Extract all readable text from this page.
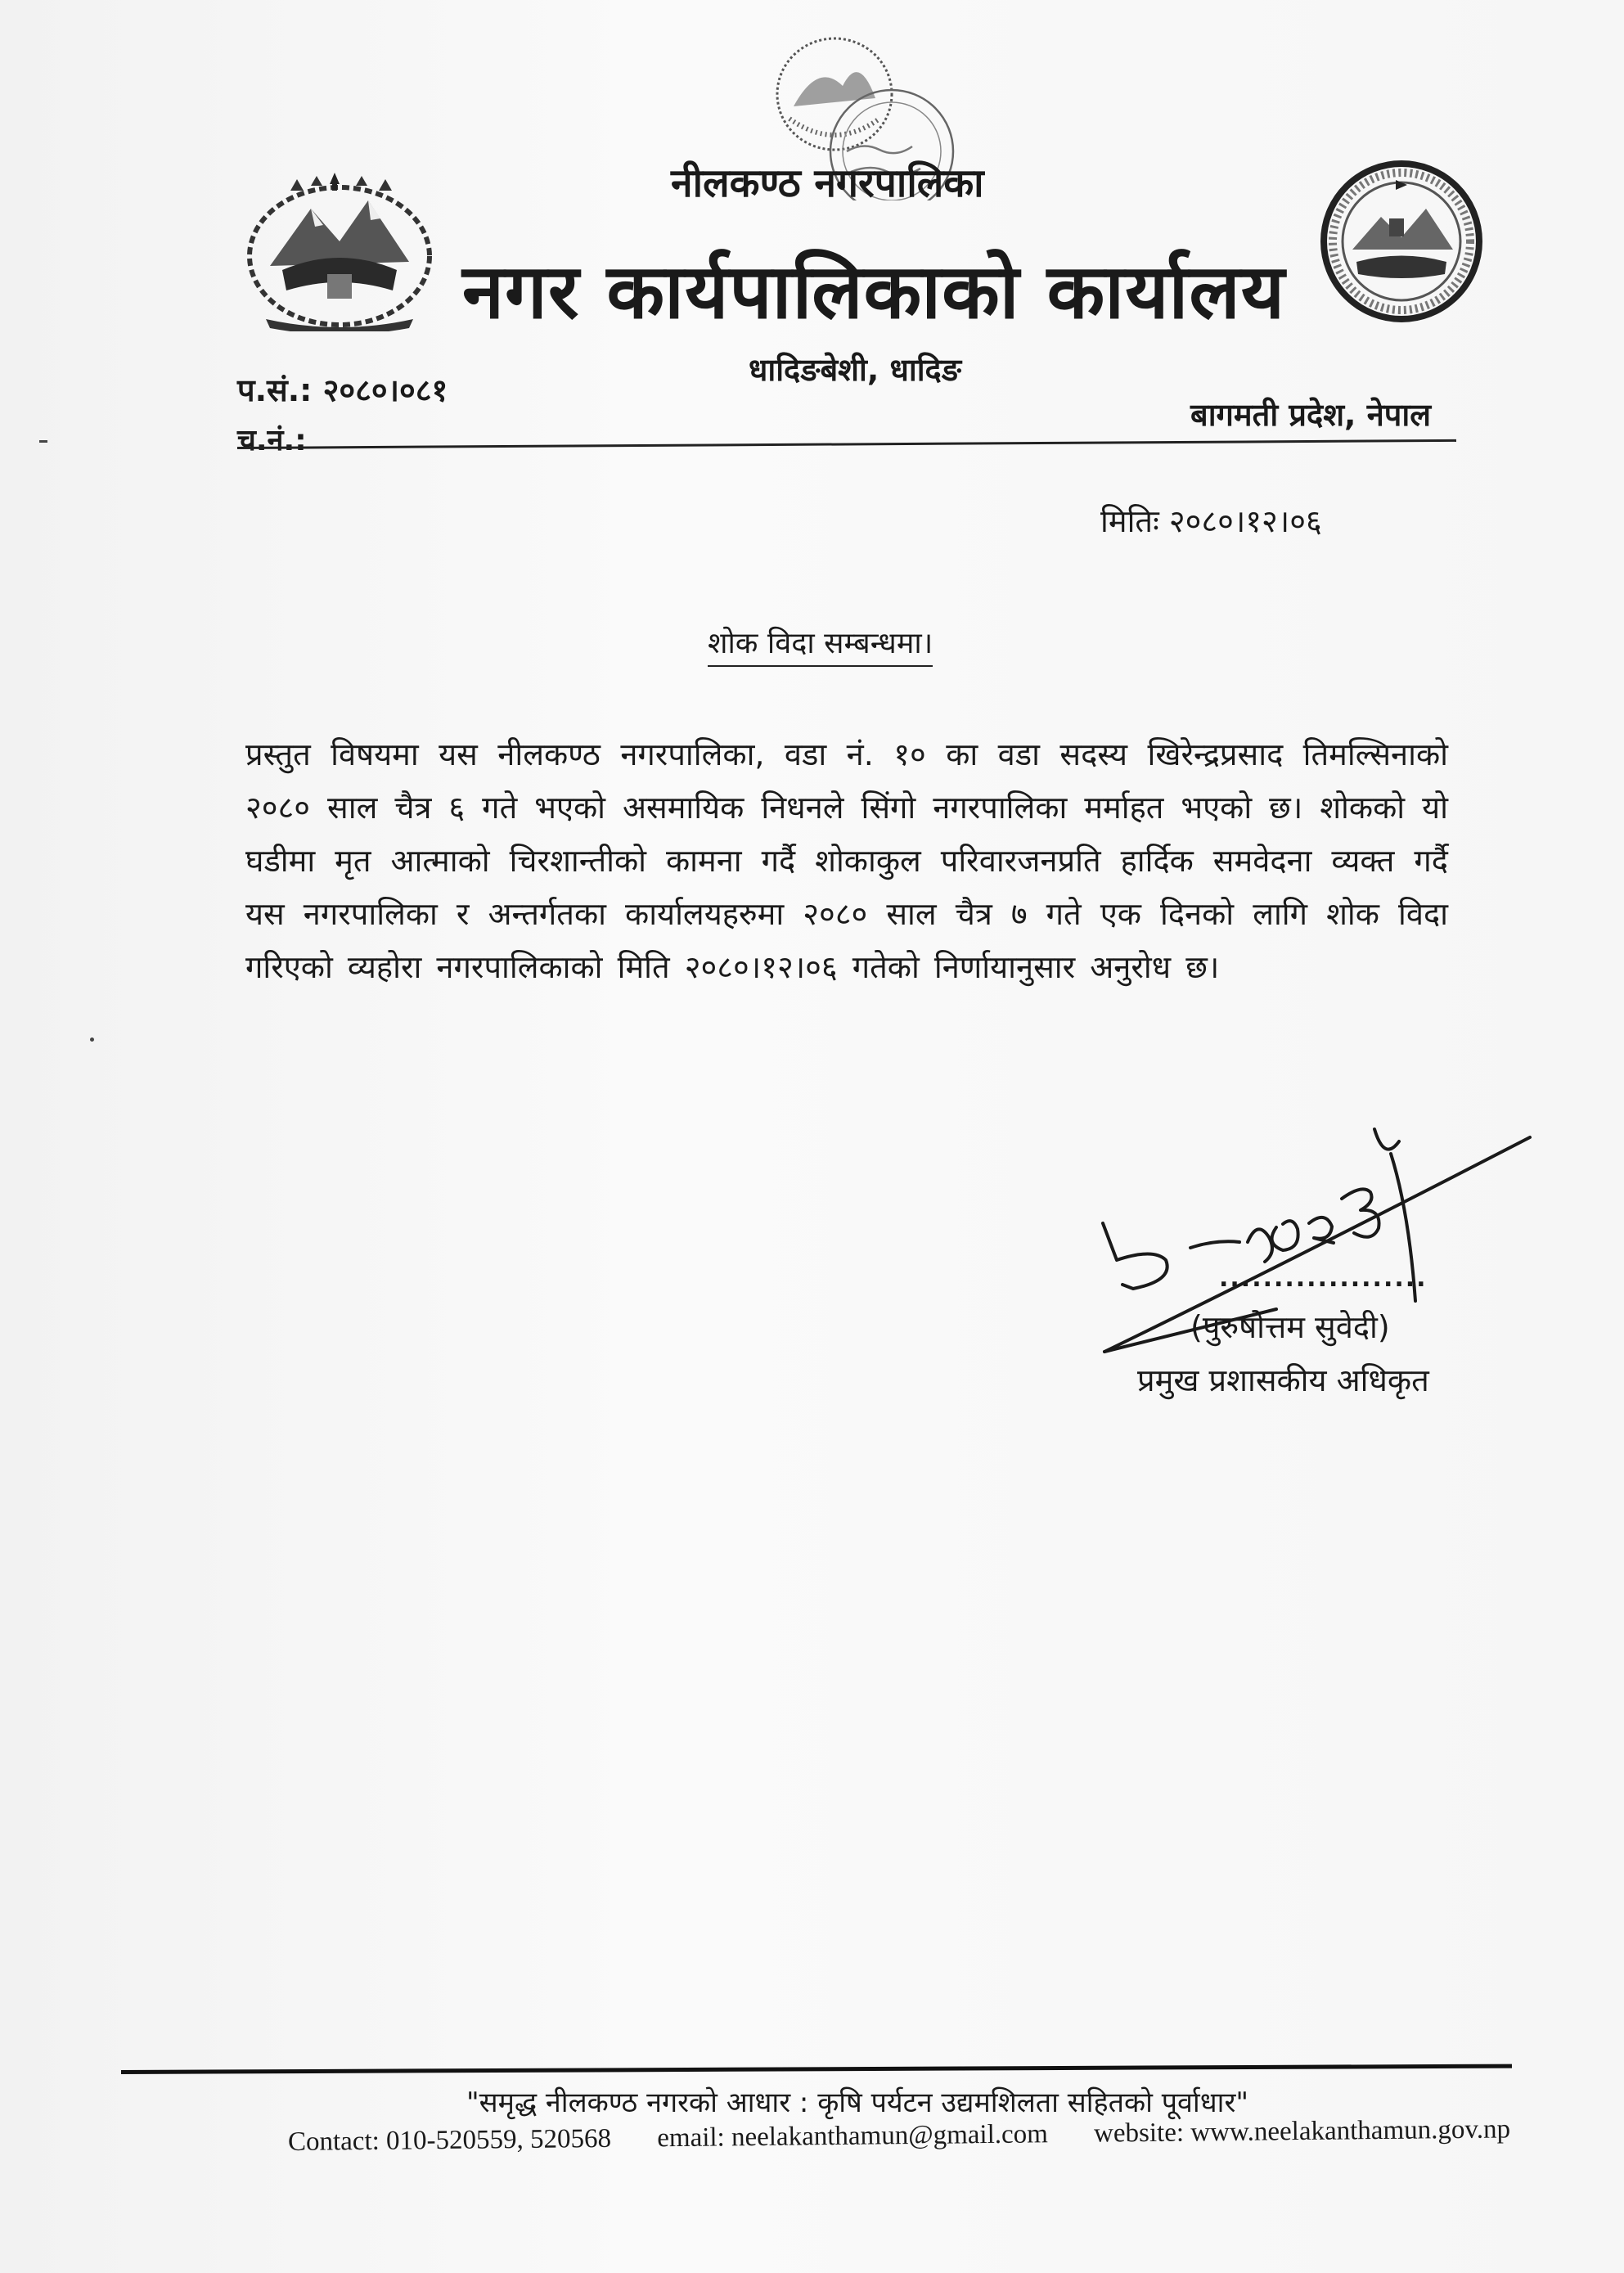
नीलकण्ठ नगरपालिका
नगर कार्यपालिकाको कार्यालय
धादिङबेशी, धादिङ
प.सं.: २०८०।०८१
च.नं.:
बागमती प्रदेश, नेपाल
मितिः २०८०।१२।०६
शोक विदा सम्बन्धमा।
प्रस्तुत विषयमा यस नीलकण्ठ नगरपालिका, वडा नं. १० का वडा सदस्य खिरेन्द्रप्रसाद तिमल्सिनाको २०८० साल चैत्र ६ गते भएको असमायिक निधनले सिंगो नगरपालिका मर्माहत भएको छ। शोकको यो घडीमा मृत आत्माको चिरशान्तीको कामना गर्दै शोकाकुल परिवारजनप्रति हार्दिक समवेदना व्यक्त गर्दै यस नगरपालिका र अन्तर्गतका कार्यालयहरुमा २०८० साल चैत्र ७ गते एक दिनको लागि शोक विदा गरिएको व्यहोरा नगरपालिकाको मिति २०८०।१२।०६ गतेको निर्णायानुसार अनुरोध छ।
...................
(पुरुषोत्तम सुवेदी)
प्रमुख प्रशासकीय अधिकृत
"समृद्ध नीलकण्ठ नगरको आधार : कृषि पर्यटन उद्यमशिलता सहितको पूर्वाधार"
Contact: 010-520559, 520568 email: neelakanthamun@gmail.com website: www.neelakanthamun.gov.np
